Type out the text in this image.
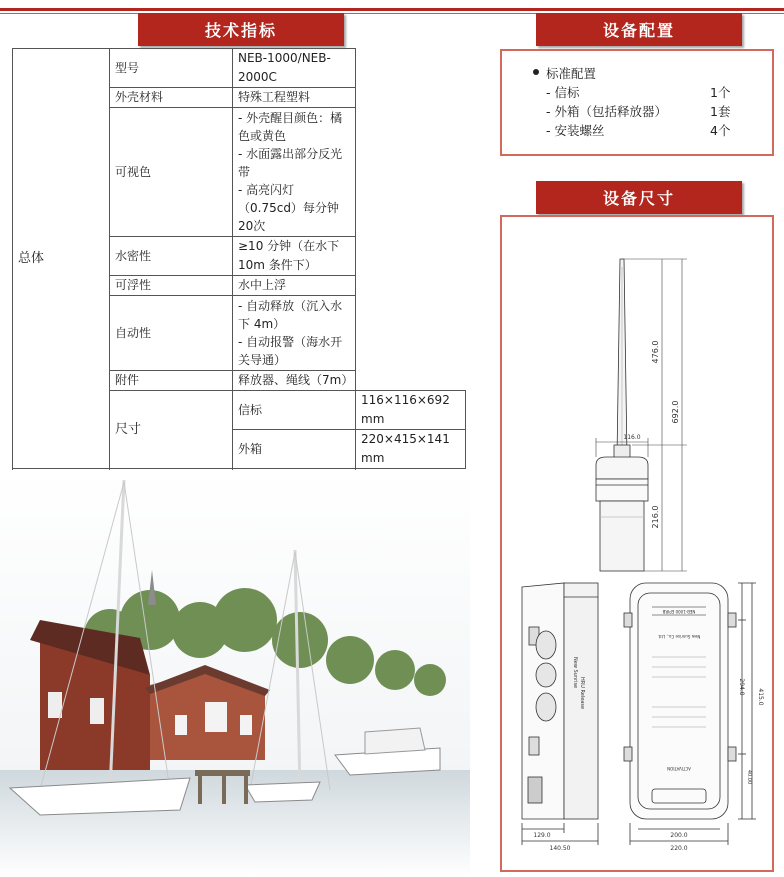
技术指标	设备配置
设备尺寸
总体	型号	NEB-1000/NEB-2000C	
	外壳材料	特殊工程塑料	
	可视色	- 外壳醒目颜色：橘色或黄色
- 水面露出部分反光带
- 高亮闪灯（0.75cd）每分钟20次	

	水密性	≥10 分钟（在水下 10m 条件下）	
	可浮性	水中上浮	
	自动性	- 自动释放（沉入水下 4m）
- 自动报警（海水开关导通）	

	附件	释放器、绳线（7m）	
	尺寸	信标	116×116×692 mm
		外箱	220×415×141 mm

标准配置
- 信标	1个
- 外箱（包括释放器）	1套
- 安装螺丝	4个
476.0
692.0
216.0
116.0
New Sunrise
HRU Release
129.0
140.50
NEB-1000 EPIRB
New Sunrise Co., Ltd.
ACTIVATION
200.0
220.0
294.0
415.0
40.00
